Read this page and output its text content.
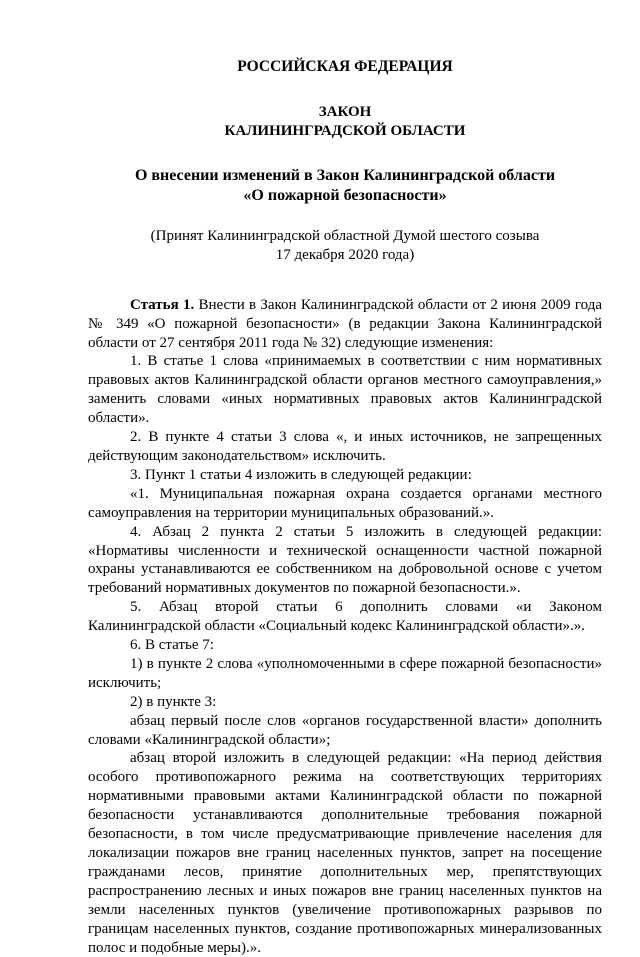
РОССИЙСКАЯ ФЕДЕРАЦИЯ
ЗАКОН
КАЛИНИНГРАДСКОЙ ОБЛАСТИ
О внесении изменений в Закон Калининградской области
«О пожарной безопасности»
(Принят Калининградской областной Думой шестого созыва
17 декабря 2020 года)

Статья 1. Внести в Закон Калининградской области от 2 июня 2009 года № 349 «О пожарной безопасности» (в редакции Закона Калининградской области от 27 сентября 2011 года № 32) следующие изменения:

1. В статье 1 слова «принимаемых в соответствии с ним нормативных правовых актов Калининградской области органов местного самоуправления,» заменить словами «иных нормативных правовых актов Калининградской области».

2. В пункте 4 статьи 3 слова «, и иных источников, не запрещенных действующим законодательством» исключить.

3. Пункт 1 статьи 4 изложить в следующей редакции:

«1. Муниципальная пожарная охрана создается органами местного самоуправления на территории муниципальных образований.».

4. Абзац 2 пункта 2 статьи 5 изложить в следующей редакции: «Нормативы численности и технической оснащенности частной пожарной охраны устанавливаются ее собственником на добровольной основе с учетом требований нормативных документов по пожарной безопасности.».

5. Абзац второй статьи 6 дополнить словами «и Законом Калининградской области «Социальный кодекс Калининградской области».».

6. В статье 7:

1) в пункте 2 слова «уполномоченными в сфере пожарной безопасности» исключить;

2) в пункте 3:

абзац первый после слов «органов государственной власти» дополнить словами «Калининградской области»;

абзац второй изложить в следующей редакции: «На период действия особого противопожарного режима на соответствующих территориях нормативными правовыми актами Калининградской области по пожарной безопасности устанавливаются дополнительные требования пожарной безопасности, в том числе предусматривающие привлечение населения для локализации пожаров вне границ населенных пунктов, запрет на посещение гражданами лесов, принятие дополнительных мер, препятствующих распространению лесных и иных пожаров вне границ населенных пунктов на земли населенных пунктов (увеличение противопожарных разрывов по границам населенных пунктов, создание противопожарных минерализованных полос и подобные меры).».
